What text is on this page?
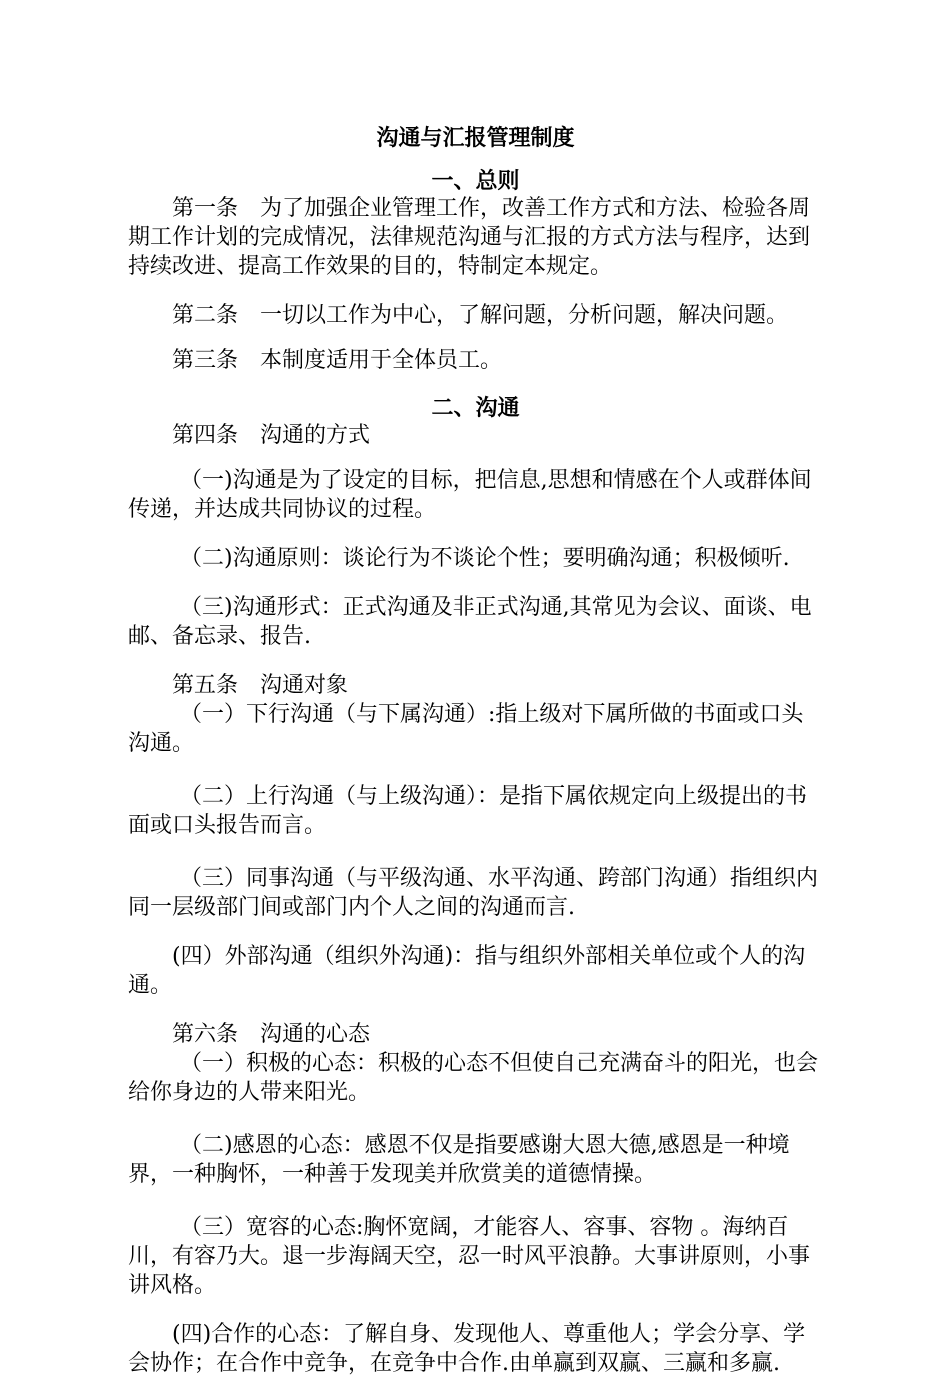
沟通与汇报管理制度
一、总则

第一条　为了加强企业管理工作，改善工作方式和方法、检验各周期工作计划的完成情况，法律规范沟通与汇报的方式方法与程序，达到持续改进、提高工作效果的目的，特制定本规定。

第二条　一切以工作为中心，了解问题，分析问题，解决问题。

第三条　本制度适用于全体员工。

二、沟通

第四条　沟通的方式

（一)沟通是为了设定的目标，把信息,思想和情感在个人或群体间传递，并达成共同协议的过程。

（二)沟通原则：谈论行为不谈论个性；要明确沟通；积极倾听.

（三)沟通形式：正式沟通及非正式沟通,其常见为会议、面谈、电邮、备忘录、报告.

第五条　沟通对象

（一）下行沟通（与下属沟通）:指上级对下属所做的书面或口头沟通。

（二）上行沟通（与上级沟通）：是指下属依规定向上级提出的书面或口头报告而言。

（三）同事沟通（与平级沟通、水平沟通、跨部门沟通）指组织内同一层级部门间或部门内个人之间的沟通而言.

(四）外部沟通（组织外沟通)：指与组织外部相关单位或个人的沟通。

第六条　沟通的心态

（一）积极的心态：积极的心态不但使自己充满奋斗的阳光，也会给你身边的人带来阳光。

（二)感恩的心态：感恩不仅是指要感谢大恩大德,感恩是一种境界，一种胸怀，一种善于发现美并欣赏美的道德情操。

（三）宽容的心态:胸怀宽阔，才能容人、容事、容物 。海纳百川，有容乃大。退一步海阔天空，忍一时风平浪静。大事讲原则，小事讲风格。

(四)合作的心态：了解自身、发现他人、尊重他人；学会分享、学会协作；在合作中竞争，在竞争中合作.由单赢到双赢、三赢和多赢.
